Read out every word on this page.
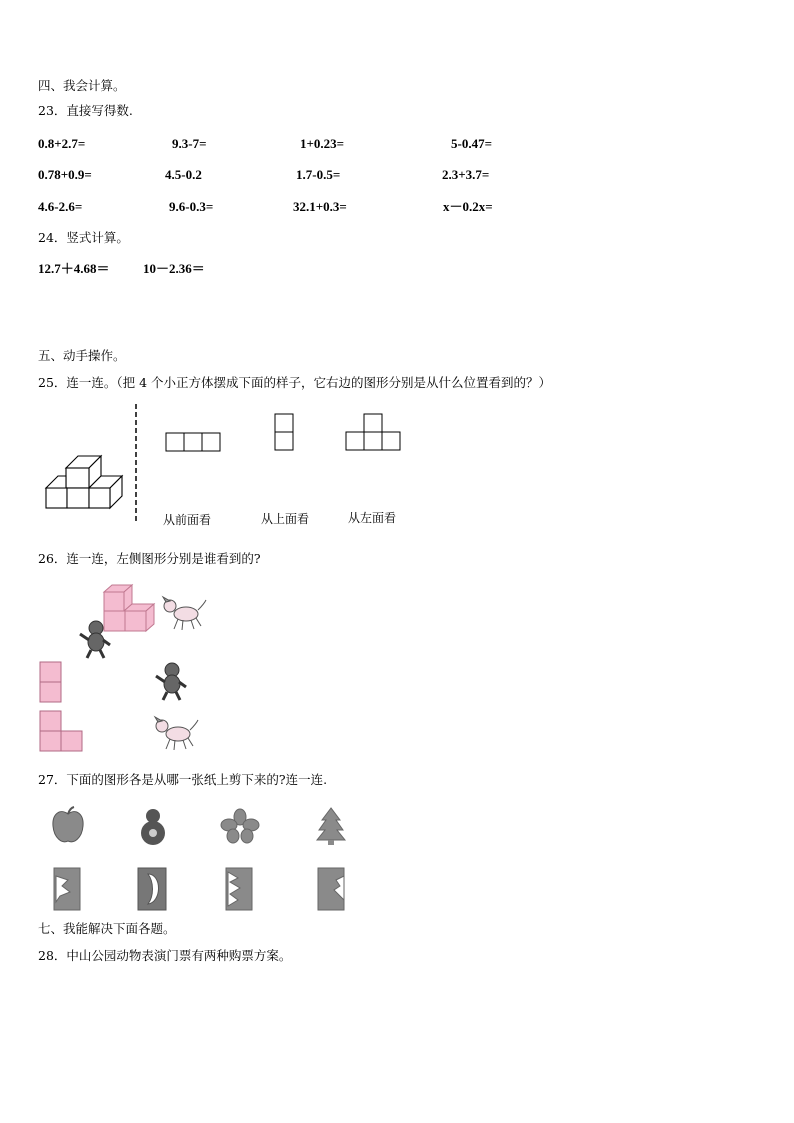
四、我会计算。
23．直接写得数.
0.8+2.7=	9.3-7=	1+0.23=	5-0.47=
0.78+0.9=	4.5-0.2	1.7-0.5=	2.3+3.7=
4.6-2.6=	9.6-0.3=	32.1+0.3=	x－0.2x=
24．竖式计算。
12.7＋4.68＝	10－2.36＝
五、动手操作。
25．连一连。（把 4 个小正方体摆成下面的样子，它右边的图形分别是从什么位置看到的？）
从前面看	从上面看	从左面看
26．连一连，左侧图形分别是谁看到的?
27．下面的图形各是从哪一张纸上剪下来的?连一连.
七、我能解决下面各题。
28．中山公园动物表演门票有两种购票方案。
